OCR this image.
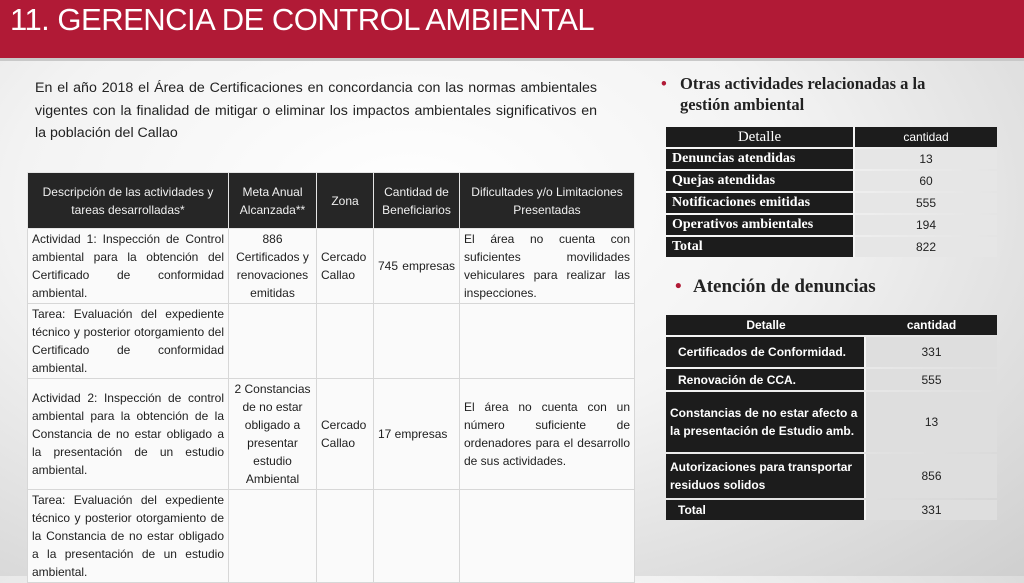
11. GERENCIA DE CONTROL AMBIENTAL

En el año 2018 el Área de Certificaciones en concordancia con las normas ambientales vigentes con la finalidad de mitigar o eliminar los impactos ambientales significativos en la población del Callao

Descripción de las actividades y tareas desarrolladas*	Meta Anual Alcanzada**	Zona	Cantidad de Beneficiarios	Dificultades y/o Limitaciones Presentadas
Actividad 1: Inspección de Control ambiental para la obtención del Certificado de conformidad ambiental.	886 Certificados y renovaciones emitidas	Cercado Callao	745 empresas	El área no cuenta con suficientes movilidades vehiculares para realizar las inspecciones.
Tarea: Evaluación del expediente técnico y posterior otorgamiento del Certificado de conformidad ambiental.				
Actividad 2: Inspección de control ambiental para la obtención de la Constancia de no estar obligado a la presentación de un estudio ambiental.	2 Constancias de no estar obligado a presentar estudio Ambiental	Cercado Callao	17 empresas	El área no cuenta con un número suficiente de ordenadores para el desarrollo de sus actividades.
Tarea: Evaluación del expediente técnico y posterior otorgamiento de la Constancia de no estar obligado a la presentación de un estudio ambiental.				
• Otras actividades relacionadas a la gestión ambiental
Detalle	cantidad
Denuncias atendidas	13
Quejas atendidas	60
Notificaciones emitidas	555
Operativos ambientales	194
Total	822
• Atención de denuncias
Detalle	cantidad
Certificados de Conformidad.	331
Renovación de CCA.	555
Constancias de no estar afecto a la presentación de Estudio amb.	13
Autorizaciones para transportar residuos solidos	856
Total	331
